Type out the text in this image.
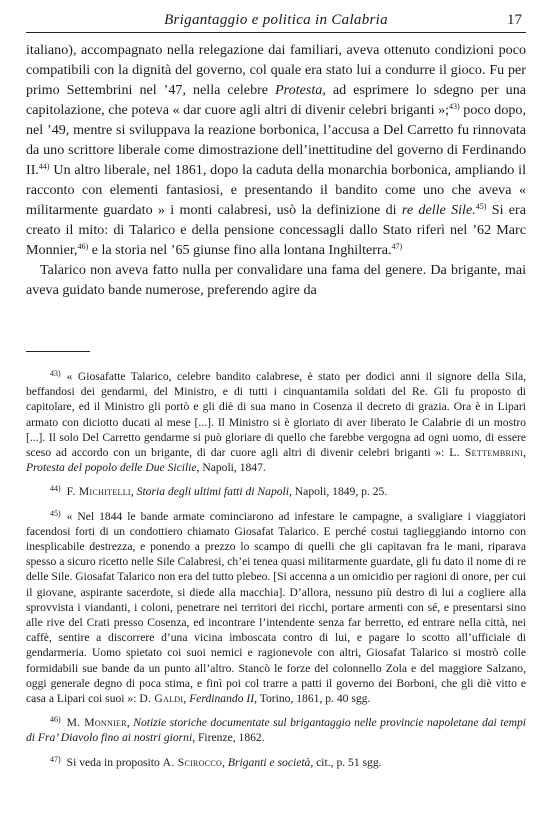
Brigantaggio e politica in Calabria	17

italiano), accompagnato nella relegazione dai familiari, aveva ottenuto condizioni poco compatibili con la dignità del governo, col quale era stato lui a condurre il gioco. Fu per primo Settembrini nel ’47, nella celebre Protesta, ad esprimere lo sdegno per una capitolazione, che poteva « dar cuore agli altri di divenir celebri briganti »;$^{43)}$ poco dopo, nel ’49, mentre si sviluppava la reazione borbonica, l’accusa a Del Carretto fu rinnovata da uno scrittore liberale come dimostrazione dell’inettitudine del governo di Ferdinando II.$^{44)}$ Un altro liberale, nel 1861, dopo la caduta della monarchia borbonica, ampliando il racconto con elementi fantasiosi, e presentando il bandito come uno che aveva « militarmente guardato » i monti calabresi, usò la definizione di re delle Sile.$^{45)}$ Si era creato il mito: di Talarico e della pensione concessagli dallo Stato riferì nel ’62 Marc Monnier,$^{46)}$ e la storia nel ’65 giunse fino alla lontana Inghilterra.$^{47)}$

Talarico non aveva fatto nulla per convalidare una fama del genere. Da brigante, mai aveva guidato bande numerose, preferendo agire da

$^{43)}$ « Giosafatte Talarico, celebre bandito calabrese, è stato per dodici anni il signore della Sila, beffandosi dei gendarmi, del Ministro, e di tutti i cinquantamila soldati del Re. Gli fu proposto di capitolare, ed il Ministro gli portò e gli diè di sua mano in Cosenza il decreto di grazia. Ora è in Lipari armato con diciotto ducati al mese [...]. Il Ministro si è gloriato di aver liberato le Calabrie di un mostro [...]. Il solo Del Carretto gendarme si può gloriare di quello che farebbe vergogna ad ogni uomo, di essere sceso ad accordo con un brigante, di dar cuore agli altri di divenir celebri briganti »: L. Settembrini, Protesta del popolo delle Due Sicilie, Napoli, 1847.

$^{44)}$ F. Michitelli, Storia degli ultimi fatti di Napoli, Napoli, 1849, p. 25.

$^{45)}$ « Nel 1844 le bande armate cominciarono ad infestare le campagne, a svaligiare i viaggiatori facendosi forti di un condottiero chiamato Giosafat Talarico. E perché costui taglieggiando intorno con inesplicabile destrezza, e ponendo a prezzo lo scampo di quelli che gli capitavan fra le mani, riparava spesso a sicuro ricetto nelle Sile Calabresi, ch’ei tenea quasi militarmente guardate, gli fu dato il nome di re delle Sile. Giosafat Talarico non era del tutto plebeo. [Si accenna a un omicidio per ragioni di onore, per cui il giovane, aspirante sacerdote, si diede alla macchia]. D’allora, nessuno più destro di lui a cogliere alla sprovvista i viandanti, i coloni, penetrare nei territori dei ricchi, portare armenti con sé, e presentarsi sino alle rive del Crati presso Cosenza, ed incontrare l’intendente senza far berretto, ed entrare nella città, nei caffè, sentire a discorrere d’una vicina imboscata contro di lui, e pagare lo scotto all’ufficiale di gendarmeria. Uomo spietato coi suoi nemici e ragionevole con altri, Giosafat Talarico si mostrò colle formidabili sue bande da un punto all’altro. Stancò le forze del colonnello Zola e del maggiore Salzano, oggi generale degno di poca stima, e finì poi col trarre a patti il governo dei Borboni, che gli diè vitto e casa a Lipari coi suoi »: D. Galdi, Ferdinando II, Torino, 1861, p. 40 sgg.

$^{46)}$ M. Monnier, Notizie storiche documentate sul brigantaggio nelle provincie napoletane dai tempi di Fra’ Diavolo fino ai nostri giorni, Firenze, 1862.

$^{47)}$ Si veda in proposito A. Scirocco, Briganti e società, cit., p. 51 sgg.
